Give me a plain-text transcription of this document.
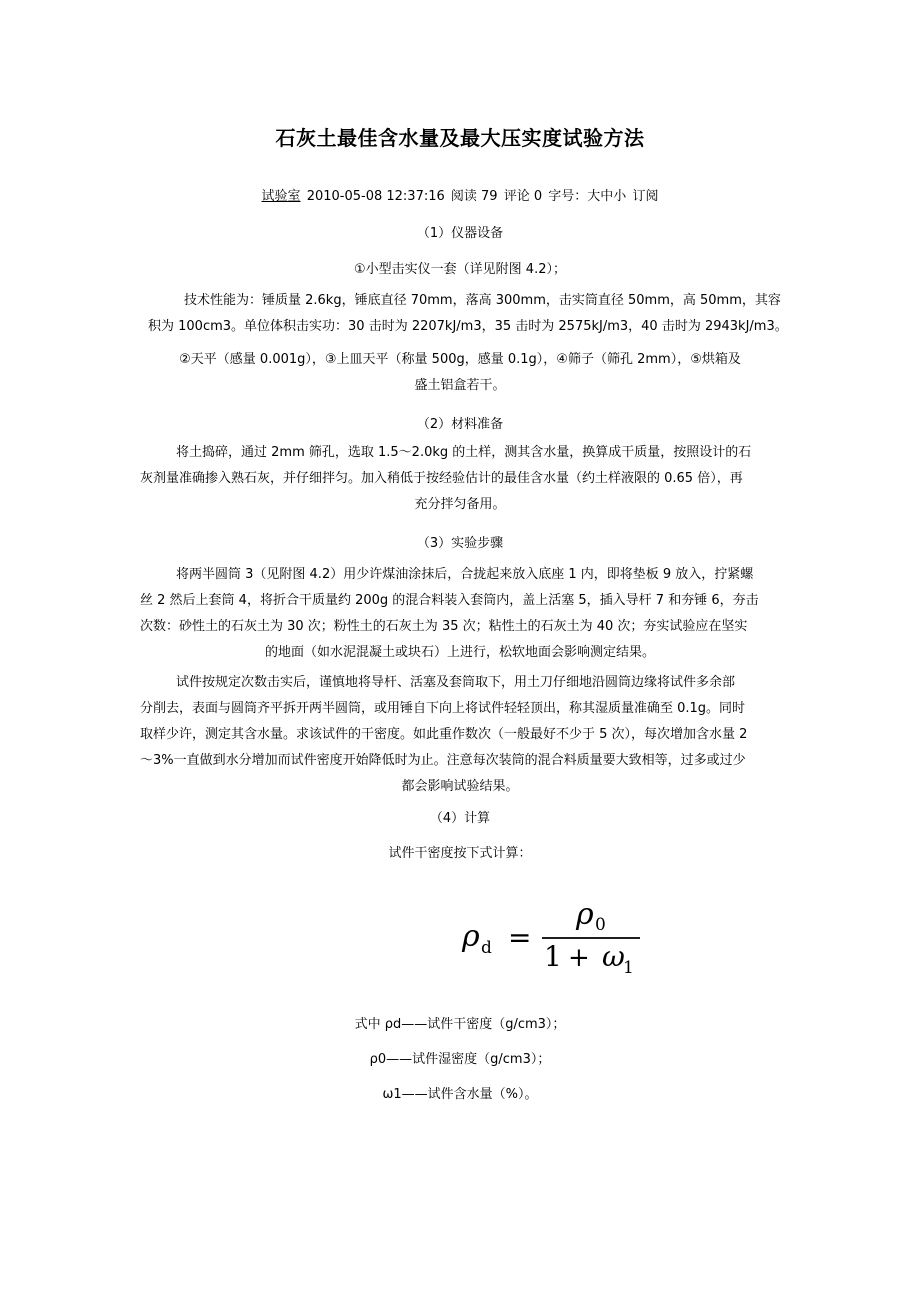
石灰土最佳含水量及最大压实度试验方法
试验室 2010-05-08 12:37:16 阅读 79 评论 0 字号：大中小 订阅
（1）仪器设备
①小型击实仪一套（详见附图 4.2）；
技术性能为：锤质量 2.6kg，锤底直径 70mm，落高 300mm，击实筒直径 50mm，高 50mm，其容
积为 100cm3。单位体积击实功：30 击时为 2207kJ/m3，35 击时为 2575kJ/m3，40 击时为 2943kJ/m3。
②天平（感量 0.001g），③上皿天平（称量 500g，感量 0.1g），④筛子（筛孔 2mm），⑤烘箱及
盛土铝盒若干。
（2）材料准备
将土捣碎，通过 2mm 筛孔，选取 1.5～2.0kg 的土样，测其含水量，换算成干质量，按照设计的石
灰剂量准确掺入熟石灰，并仔细拌匀。加入稍低于按经验估计的最佳含水量（约土样液限的 0.65 倍），再
充分拌匀备用。
（3）实验步骤
将两半圆筒 3（见附图 4.2）用少许煤油涂抹后，合拢起来放入底座 1 内，即将垫板 9 放入，拧紧螺
丝 2 然后上套筒 4，将折合干质量约 200g 的混合料装入套筒内，盖上活塞 5，插入导杆 7 和夯锤 6，夯击
次数：砂性土的石灰土为 30 次；粉性土的石灰土为 35 次；粘性土的石灰土为 40 次；夯实试验应在坚实
的地面（如水泥混凝土或块石）上进行，松软地面会影响测定结果。
试件按规定次数击实后，谨慎地将导杆、活塞及套筒取下，用土刀仔细地沿圆筒边缘将试件多余部
分削去，表面与圆筒齐平拆开两半圆筒，或用锤自下向上将试件轻轻顶出，称其湿质量准确至 0.1g。同时
取样少许，测定其含水量。求该试件的干密度。如此重作数次（一般最好不少于 5 次），每次增加含水量 2
～3%一直做到水分增加而试件密度开始降低时为止。注意每次装筒的混合料质量要大致相等，过多或过少
都会影响试验结果。
（4）计算
试件干密度按下式计算：
ρ d =
ρ 0
1 + ω
1
式中 ρd——试件干密度（g/cm3）；
ρ0——试件湿密度（g/cm3）；
ω1——试件含水量（%）。
